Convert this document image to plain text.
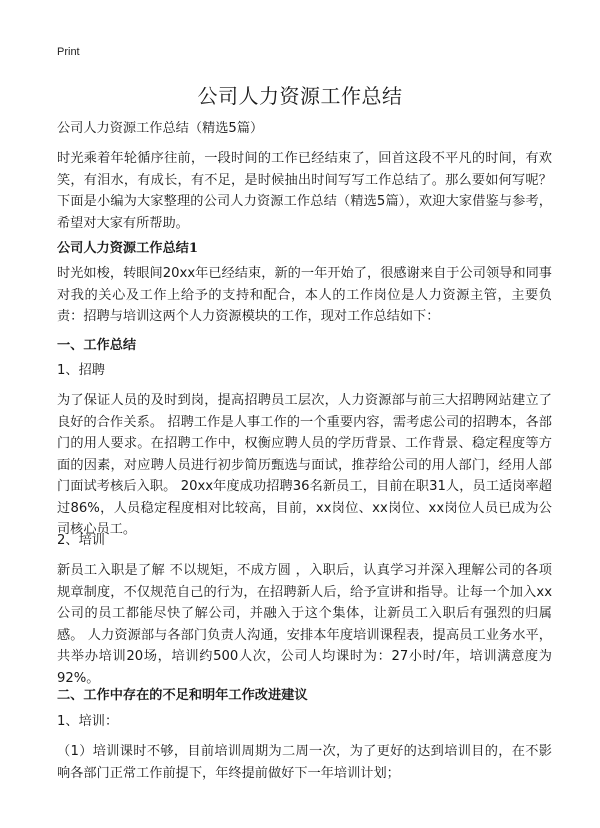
Print
公司人力资源工作总结

公司人力资源工作总结（精选5篇）

时光乘着年轮循序往前，一段时间的工作已经结束了，回首这段不平凡的时间，有欢笑，有泪水，有成长，有不足，是时候抽出时间写写工作总结了。那么要如何写呢？下面是小编为大家整理的公司人力资源工作总结（精选5篇），欢迎大家借鉴与参考，希望对大家有所帮助。

公司人力资源工作总结1

时光如梭，转眼间20xx年已经结束，新的一年开始了，很感谢来自于公司领导和同事对我的关心及工作上给予的支持和配合，本人的工作岗位是人力资源主管，主要负责：招聘与培训这两个人力资源模块的工作，现对工作总结如下：

一、工作总结

1、招聘

为了保证人员的及时到岗，提高招聘员工层次，人力资源部与前三大招聘网站建立了良好的合作关系。 招聘工作是人事工作的一个重要内容，需考虑公司的招聘本，各部门的用人要求。在招聘工作中，权衡应聘人员的学历背景、工作背景、稳定程度等方面的因素，对应聘人员进行初步简历甄选与面试，推荐给公司的用人部门，经用人部门面试考核后入职。 20xx年度成功招聘36名新员工，目前在职31人，员工适岗率超过86%，人员稳定程度相对比较高，目前，xx岗位、xx岗位、xx岗位人员已成为公司核心员工。

2、培训

新员工入职是了解 不以规矩，不成方圆 ，入职后，认真学习并深入理解公司的各项规章制度，不仅规范自己的行为，在招聘新人后，给予宣讲和指导。让每一个加入xx公司的员工都能尽快了解公司，并融入于这个集体，让新员工入职后有强烈的归属感。 人力资源部与各部门负责人沟通，安排本年度培训课程表，提高员工业务水平，共举办培训20场，培训约500人次，公司人均课时为：27小时/年，培训满意度为92%。

二、工作中存在的不足和明年工作改进建议

1、培训：

（1）培训课时不够，目前培训周期为二周一次，为了更好的达到培训目的，在不影响各部门正常工作前提下，年终提前做好下一年培训计划；
